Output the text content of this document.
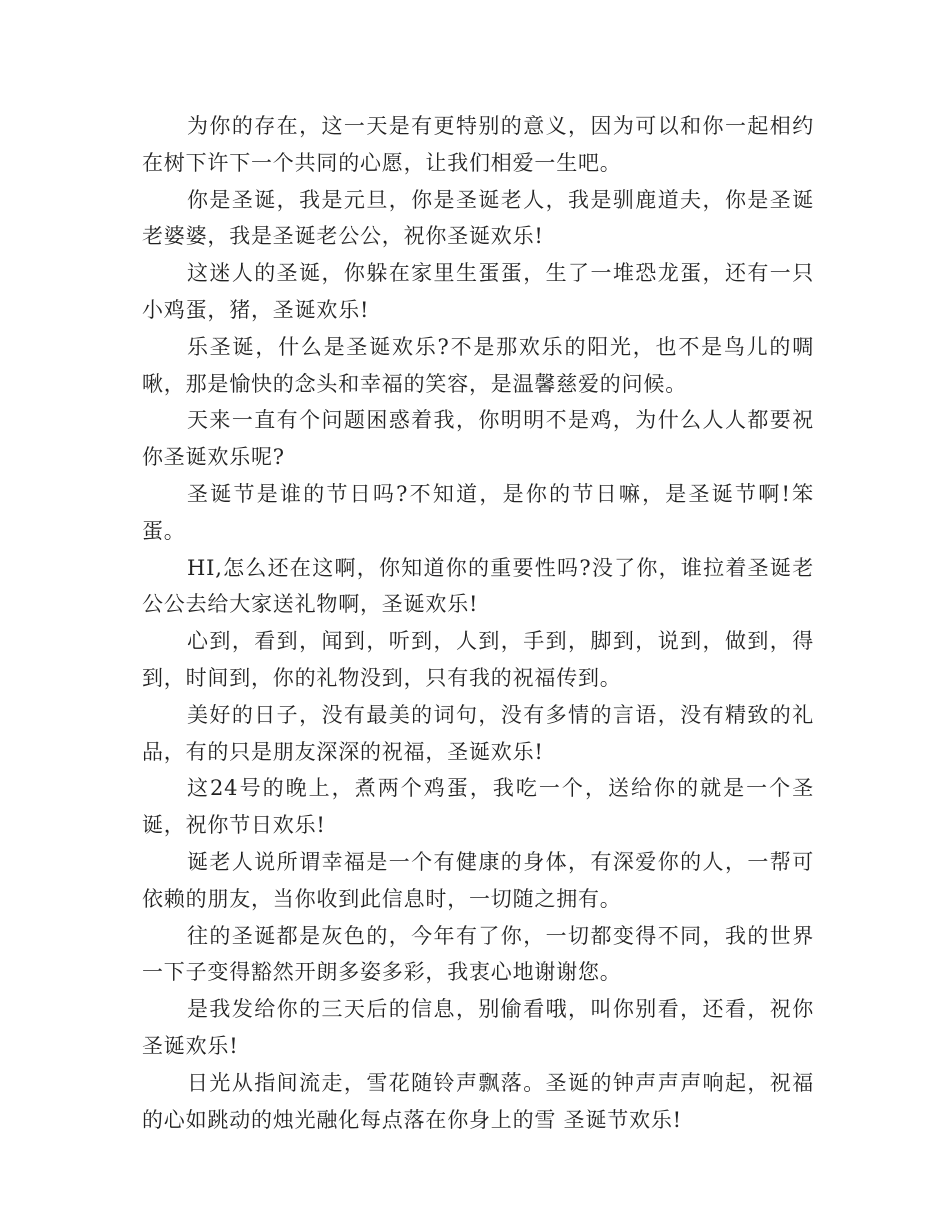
为你的存在，这一天是有更特别的意义，因为可以和你一起相约在树下许下一个共同的心愿，让我们相爱一生吧。

你是圣诞，我是元旦，你是圣诞老人，我是驯鹿道夫，你是圣诞老婆婆，我是圣诞老公公，祝你圣诞欢乐!

这迷人的圣诞，你躲在家里生蛋蛋，生了一堆恐龙蛋，还有一只小鸡蛋，猪，圣诞欢乐!

乐圣诞，什么是圣诞欢乐?不是那欢乐的阳光，也不是鸟儿的啁啾，那是愉快的念头和幸福的笑容，是温馨慈爱的问候。

天来一直有个问题困惑着我，你明明不是鸡，为什么人人都要祝你圣诞欢乐呢?

圣诞节是谁的节日吗?不知道，是你的节日嘛，是圣诞节啊!笨蛋。

HI,怎么还在这啊，你知道你的重要性吗?没了你，谁拉着圣诞老公公去给大家送礼物啊，圣诞欢乐!

心到，看到，闻到，听到，人到，手到，脚到，说到，做到，得到，时间到，你的礼物没到，只有我的祝福传到。

美好的日子，没有最美的词句，没有多情的言语，没有精致的礼品，有的只是朋友深深的祝福，圣诞欢乐!

这24号的晚上，煮两个鸡蛋，我吃一个，送给你的就是一个圣诞，祝你节日欢乐!

诞老人说所谓幸福是一个有健康的身体，有深爱你的人，一帮可依赖的朋友，当你收到此信息时，一切随之拥有。

往的圣诞都是灰色的，今年有了你，一切都变得不同，我的世界一下子变得豁然开朗多姿多彩，我衷心地谢谢您。

是我发给你的三天后的信息，别偷看哦，叫你别看，还看，祝你圣诞欢乐!

日光从指间流走，雪花随铃声飘落。圣诞的钟声声声响起，祝福的心如跳动的烛光融化每点落在你身上的雪 圣诞节欢乐!
